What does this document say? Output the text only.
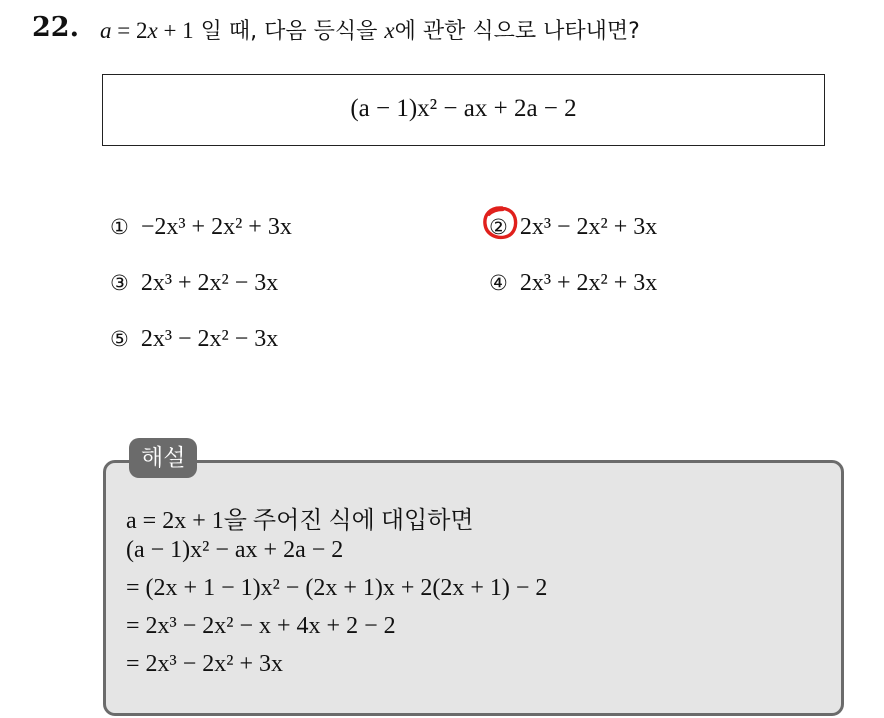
22. a = 2x + 1 일 때, 다음 등식을 x에 관한 식으로 나타내면?
(a − 1)x² − ax + 2a − 2
① −2x³ + 2x² + 3x	② 2x³ − 2x² + 3x
③ 2x³ + 2x² − 3x	④ 2x³ + 2x² + 3x
⑤ 2x³ − 2x² − 3x
해설
a = 2x + 1을 주어진 식에 대입하면
(a − 1)x² − ax + 2a − 2
= (2x + 1 − 1)x² − (2x + 1)x + 2(2x + 1) − 2
= 2x³ − 2x² − x + 4x + 2 − 2
= 2x³ − 2x² + 3x
